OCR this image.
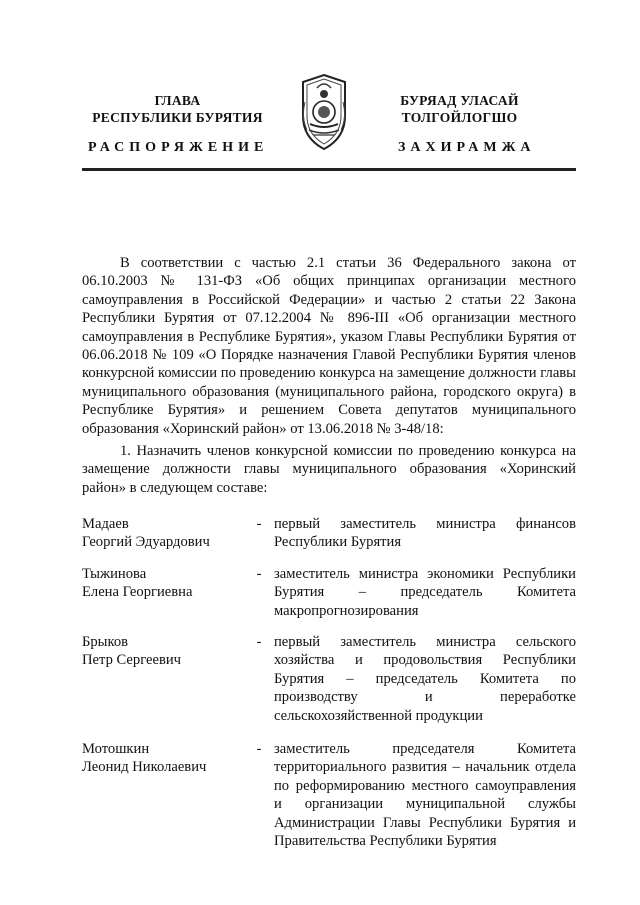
ГЛАВА
РЕСПУБЛИКИ БУРЯТИЯ
РАСПОРЯЖЕНИЕ
БУРЯАД УЛАСАЙ
ТОЛГОЙЛОГШО
ЗАХИРАМЖА
В соответствии с частью 2.1 статьи 36 Федерального закона от 06.10.2003 № 131-ФЗ «Об общих принципах организации местного самоуправления в Российской Федерации» и частью 2 статьи 22 Закона Республики Бурятия от 07.12.2004 № 896-III «Об организации местного самоуправления в Республике Бурятия», указом Главы Республики Бурятия от 06.06.2018 № 109 «О Порядке назначения Главой Республики Бурятия членов конкурсной комиссии по проведению конкурса на замещение должности главы муниципального образования (муниципального района, городского округа) в Республике Бурятия» и решением Совета депутатов муниципального образования «Хоринский район» от 13.06.2018 № 3-48/18:
1. Назначить членов конкурсной комиссии по проведению конкурса на замещение должности главы муниципального образования «Хоринский район» в следующем составе:
Мадаев
Георгий Эдуардович
- первый заместитель министра финансов Республики Бурятия
Тыжинова
Елена Георгиевна
- заместитель министра экономики Республики Бурятия – председатель Комитета макропрогнозирования
Брыков
Петр Сергеевич
- первый заместитель министра сельского хозяйства и продовольствия Республики Бурятия – председатель Комитета по производству и переработке сельскохозяйственной продукции
Мотошкин
Леонид Николаевич
- заместитель председателя Комитета территориального развития – начальник отдела по реформированию местного самоуправления и организации муниципальной службы Администрации Главы Республики Бурятия и Правительства Республики Бурятия
